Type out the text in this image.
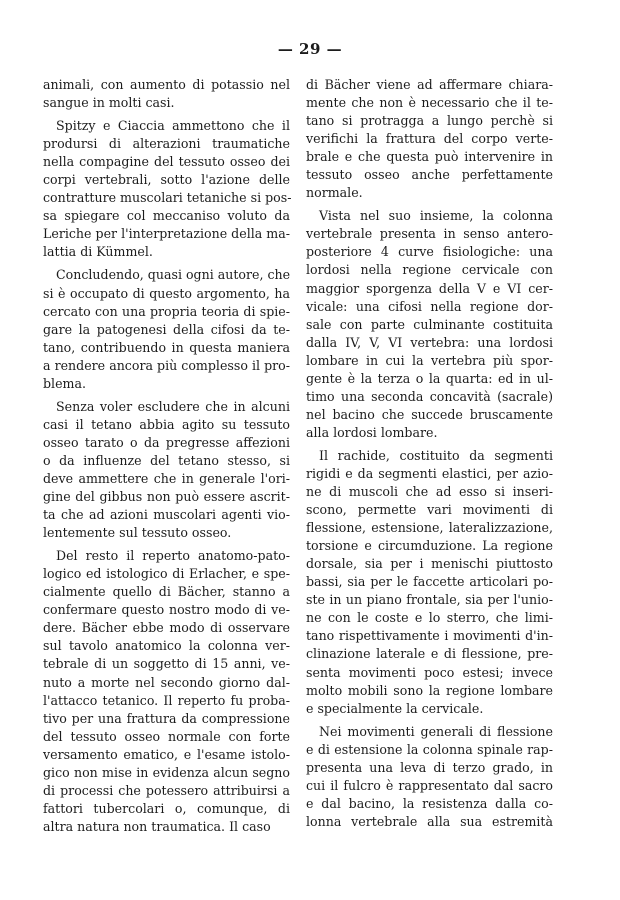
— 29 —
animali, con aumento di potassio nel
sangue in molti casi.
Spitzy e Ciaccia ammettono che il
prodursi di alterazioni traumatiche
nella compagine del tessuto osseo dei
corpi vertebrali, sotto l'azione delle
contratture muscolari tetaniche si pos-
sa spiegare col meccaniso voluto da
Leriche per l'interpretazione della ma-
lattia di Kümmel.
Concludendo, quasi ogni autore, che
si è occupato di questo argomento, ha
cercato con una propria teoria di spie-
gare la patogenesi della cifosi da te-
tano, contribuendo in questa maniera
a rendere ancora più complesso il pro-
blema.
Senza voler escludere che in alcuni
casi il tetano abbia agito su tessuto
osseo tarato o da pregresse affezioni
o da influenze del tetano stesso, si
deve ammettere che in generale l'ori-
gine del gibbus non può essere ascrit-
ta che ad azioni muscolari agenti vio-
lentemente sul tessuto osseo.
Del resto il reperto anatomo-pato-
logico ed istologico di Erlacher, e spe-
cialmente quello di Bächer, stanno a
confermare questo nostro modo di ve-
dere. Bächer ebbe modo di osservare
sul tavolo anatomico la colonna ver-
tebrale di un soggetto di 15 anni, ve-
nuto a morte nel secondo giorno dal-
l'attacco tetanico. Il reperto fu proba-
tivo per una frattura da compressione
del tessuto osseo normale con forte
versamento ematico, e l'esame istolo-
gico non mise in evidenza alcun segno
di processi che potessero attribuirsi a
fattori tubercolari o, comunque, di
altra natura non traumatica. Il caso
di Bächer viene ad affermare chiara-
mente che non è necessario che il te-
tano si protragga a lungo perchè si
verifichi la frattura del corpo verte-
brale e che questa può intervenire in
tessuto osseo anche perfettamente
normale.
Vista nel suo insieme, la colonna
vertebrale presenta in senso antero-
posteriore 4 curve fisiologiche: una
lordosi nella regione cervicale con
maggior sporgenza della V e VI cer-
vicale: una cifosi nella regione dor-
sale con parte culminante costituita
dalla IV, V, VI vertebra: una lordosi
lombare in cui la vertebra più spor-
gente è la terza o la quarta: ed in ul-
timo una seconda concavità (sacrale)
nel bacino che succede bruscamente
alla lordosi lombare.
Il rachide, costituito da segmenti
rigidi e da segmenti elastici, per azio-
ne di muscoli che ad esso si inseri-
scono, permette vari movimenti di
flessione, estensione, lateralizzazione,
torsione e circumduzione. La regione
dorsale, sia per i menischi piuttosto
bassi, sia per le faccette articolari po-
ste in un piano frontale, sia per l'unio-
ne con le coste e lo sterro, che limi-
tano rispettivamente i movimenti d'in-
clinazione laterale e di flessione, pre-
senta movimenti poco estesi; invece
molto mobili sono la regione lombare
e specialmente la cervicale.
Nei movimenti generali di flessione
e di estensione la colonna spinale rap-
presenta una leva di terzo grado, in
cui il fulcro è rappresentato dal sacro
e dal bacino, la resistenza dalla co-
lonna vertebrale alla sua estremità
